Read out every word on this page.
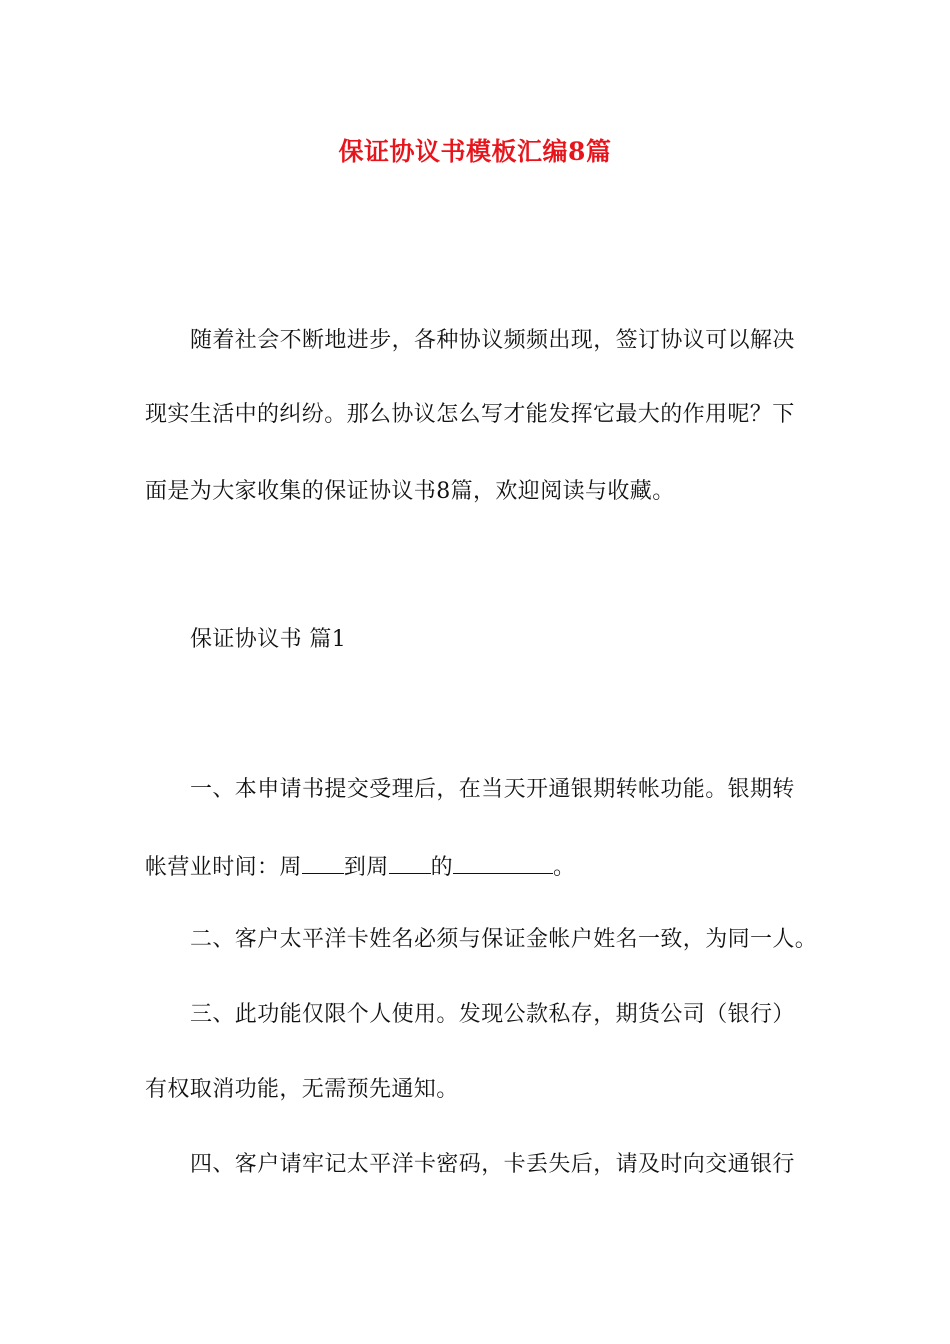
保证协议书模板汇编8篇
随着社会不断地进步，各种协议频频出现，签订协议可以解决
现实生活中的纠纷。那么协议怎么写才能发挥它最大的作用呢？下
面是为大家收集的保证协议书8篇，欢迎阅读与收藏。
保证协议书 篇1
一、本申请书提交受理后，在当天开通银期转帐功能。银期转
帐营业时间：周 到周 的	。
二、客户太平洋卡姓名必须与保证金帐户姓名一致，为同一人。
三、此功能仅限个人使用。发现公款私存，期货公司（银行）
有权取消功能，无需预先通知。
四、客户请牢记太平洋卡密码，卡丢失后，请及时向交通银行
